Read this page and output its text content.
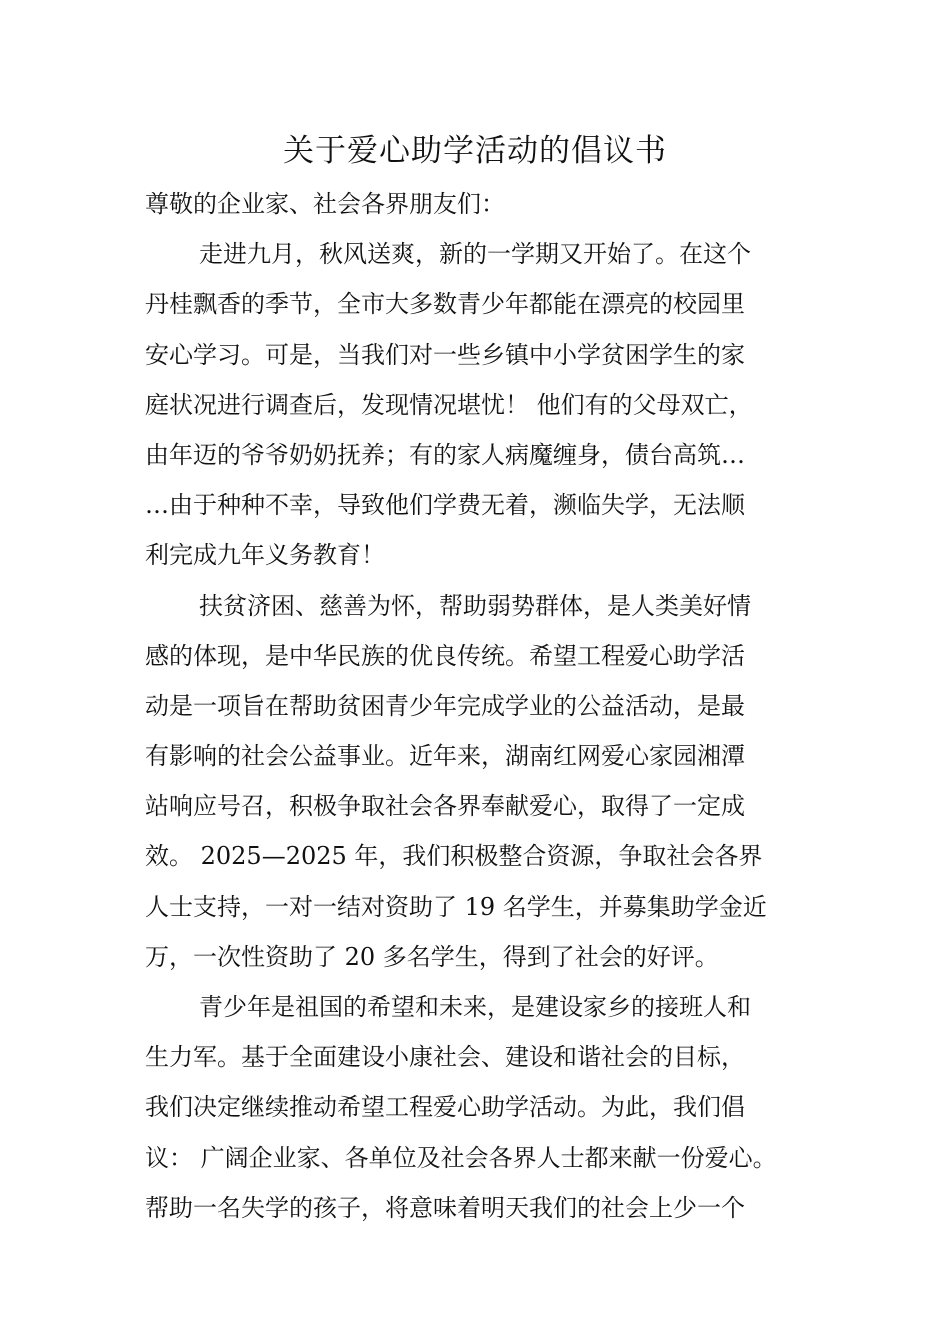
关于爱心助学活动的倡议书
尊敬的企业家、社会各界朋友们：
走进九月，秋风送爽，新的一学期又开始了。在这个
丹桂飘香的季节，全市大多数青少年都能在漂亮的校园里
安心学习。可是，当我们对一些乡镇中小学贫困学生的家
庭状况进行调查后，发现情况堪忧！ 他们有的父母双亡，
由年迈的爷爷奶奶抚养；有的家人病魔缠身，债台高筑…
…由于种种不幸，导致他们学费无着，濒临失学，无法顺
利完成九年义务教育！
扶贫济困、慈善为怀，帮助弱势群体，是人类美好情
感的体现，是中华民族的优良传统。希望工程爱心助学活
动是一项旨在帮助贫困青少年完成学业的公益活动，是最
有影响的社会公益事业。近年来，湖南红网爱心家园湘潭
站响应号召，积极争取社会各界奉献爱心，取得了一定成
效。 2025—2025 年，我们积极整合资源，争取社会各界
人士支持，一对一结对资助了 19 名学生，并募集助学金近
万，一次性资助了 20 多名学生，得到了社会的好评。
青少年是祖国的希望和未来，是建设家乡的接班人和
生力军。基于全面建设小康社会、建设和谐社会的目标，
我们决定继续推动希望工程爱心助学活动。为此，我们倡
议： 广阔企业家、各单位及社会各界人士都来献一份爱心。
帮助一名失学的孩子，将意味着明天我们的社会上少一个
